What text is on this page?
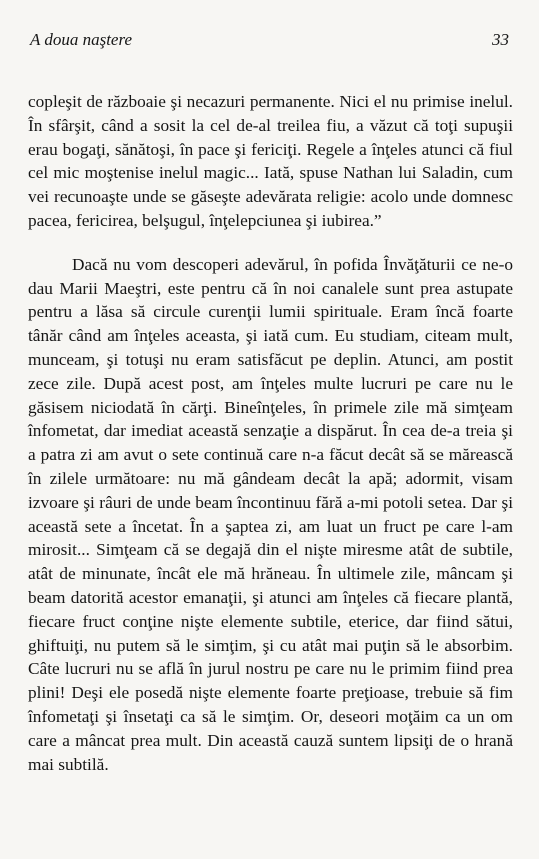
A doua naştere	33

copleşit de războaie şi necazuri permanente. Nici el nu primise inelul. În sfârşit, când a sosit la cel de-al treilea fiu, a văzut că toţi supuşii erau bogaţi, sănătoşi, în pace şi fericiţi. Regele a înţeles atunci că fiul cel mic moştenise inelul magic... Iată, spuse Nathan lui Saladin, cum vei recunoaşte unde se găseşte adevărata religie: acolo unde domnesc pacea, fericirea, belşugul, înţelepciunea şi iubirea.”

Dacă nu vom descoperi adevărul, în pofida Învăţăturii ce ne-o dau Marii Maeştri, este pentru că în noi canalele sunt prea astupate pentru a lăsa să circule curenţii lumii spirituale. Eram încă foarte tânăr când am înţeles aceasta, şi iată cum. Eu studiam, citeam mult, munceam, şi totuşi nu eram satisfăcut pe deplin. Atunci, am postit zece zile. După acest post, am înţeles multe lucruri pe care nu le găsisem niciodată în cărţi. Bineînţeles, în primele zile mă simţeam înfometat, dar imediat această senzaţie a dispărut. În cea de-a treia şi a patra zi am avut o sete continuă care n-a făcut decât să se mărească în zilele următoare: nu mă gândeam decât la apă; adormit, visam izvoare şi râuri de unde beam încontinuu fără a-mi potoli setea. Dar şi această sete a încetat. În a şaptea zi, am luat un fruct pe care l-am mirosit... Simţeam că se degajă din el nişte miresme atât de subtile, atât de minunate, încât ele mă hrăneau. În ultimele zile, mâncam şi beam datorită acestor emanaţii, şi atunci am înţeles că fiecare plantă, fiecare fruct conţine nişte elemente subtile, eterice, dar fiind sătui, ghiftuiţi, nu putem să le simţim, şi cu atât mai puţin să le absorbim. Câte lucruri nu se află în jurul nostru pe care nu le primim fiind prea plini! Deşi ele posedă nişte elemente foarte preţioase, trebuie să fim înfometaţi şi însetaţi ca să le simţim. Or, deseori moţăim ca un om care a mâncat prea mult. Din această cauză suntem lipsiţi de o hrană mai subtilă.
